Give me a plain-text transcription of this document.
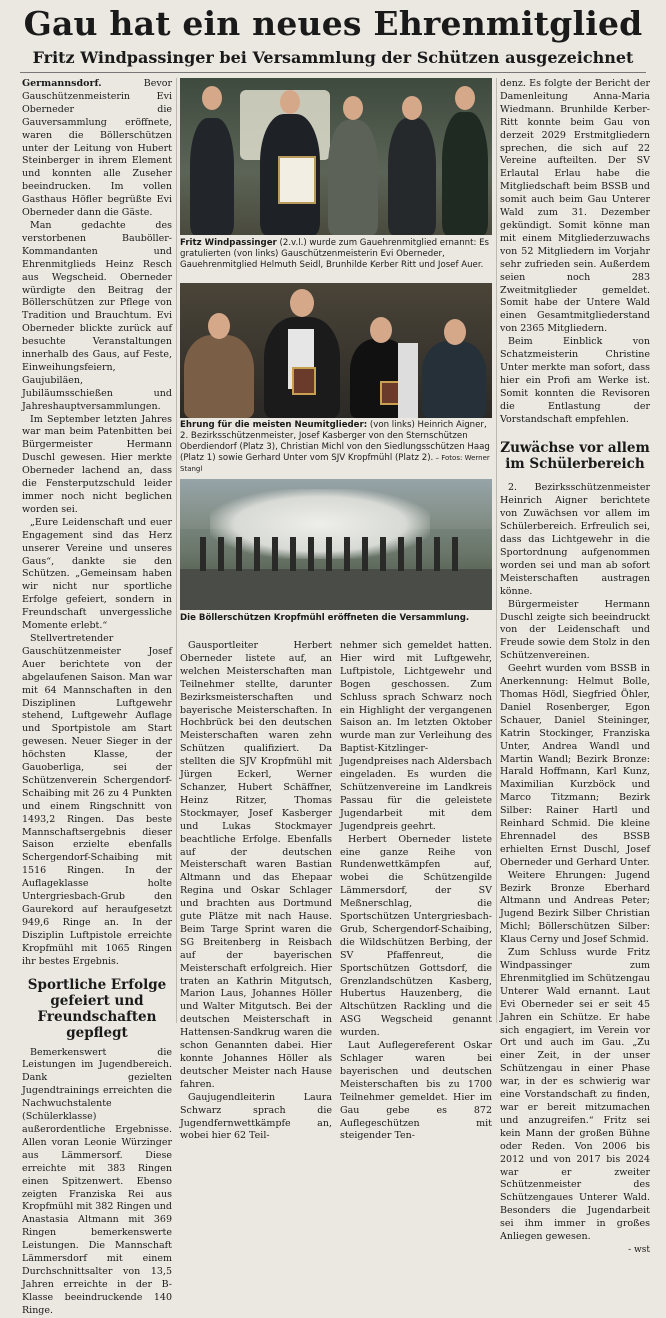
Gau hat ein neues Ehrenmitglied
Fritz Windpassinger bei Versammlung der Schützen ausgezeichnet

Germannsdorf. Bevor Gauschützenmeisterin Evi Oberneder die Gauversammlung eröffnete, waren die Böllerschützen unter der Leitung von Hubert Steinberger in ihrem Element und konnten alle Zuseher beeindrucken. Im vollen Gasthaus Höfler begrüßte Evi Oberneder dann die Gäste.

Man gedachte des verstorbenen Bauböller-Kommandanten und Ehrenmitglieds Heinz Resch aus Wegscheid. Oberneder würdigte den Beitrag der Böllerschützen zur Pflege von Tradition und Brauchtum. Evi Oberneder blickte zurück auf besuchte Veranstaltungen innerhalb des Gaus, auf Feste, Einweihungsfeiern, Gaujubiläen, Jubiläumsschießen und Jahreshauptversammlungen.

Im September letzten Jahres war man beim Patenbitten bei Bürgermeister Hermann Duschl gewesen. Hier merkte Oberneder lachend an, dass die Fensterputzschuld leider immer noch nicht beglichen worden sei.

„Eure Leidenschaft und euer Engagement sind das Herz unserer Vereine und unseres Gaus“, dankte sie den Schützen. „Gemeinsam haben wir nicht nur sportliche Erfolge gefeiert, sondern in Freundschaft unvergessliche Momente erlebt.“

Stellvertretender Gauschützenmeister Josef Auer berichtete von der abgelaufenen Saison. Man war mit 64 Mannschaften in den Disziplinen Luftgewehr stehend, Luftgewehr Auflage und Sportpistole am Start gewesen. Neuer Sieger in der höchsten Klasse, der Gauoberliga, sei der Schützenverein Schergendorf-Schaibing mit 26 zu 4 Punkten und einem Ringschnitt von 1493,2 Ringen. Das beste Mannschaftsergebnis dieser Saison erzielte ebenfalls Schergendorf-Schaibing mit 1516 Ringen. In der Auflageklasse holte Untergriesbach-Grub den Gaurekord auf heraufgesetzt 949,6 Ringe an. In der Disziplin Luftpistole erreichte Kropfmühl mit 1065 Ringen ihr bestes Ergebnis.

Sportliche Erfolge gefeiert und Freundschaften gepflegt

Bemerkenswert die Leistungen im Jugendbereich. Dank gezielten Jugendtrainings erreichten die Nachwuchstalente (Schülerklasse) außerordentliche Ergebnisse. Allen voran Leonie Würzinger aus Lämmersorf. Diese erreichte mit 383 Ringen einen Spitzenwert. Ebenso zeigten Franziska Rei aus Kropfmühl mit 382 Ringen und Anastasia Altmann mit 369 Ringen bemerkenswerte Leistungen. Die Mannschaft Lämmersdorf mit einem Durchschnittsalter von 13,5 Jahren erreichte in der B-Klasse beeindruckende 140 Ringe.

Fritz Windpassinger (2.v.l.) wurde zum Gauehrenmitglied ernannt: Es gratulierten (von links) Gauschützenmeisterin Evi Oberneder, Gauehrenmitglied Helmuth Seidl, Brunhilde Kerber Ritt und Josef Auer.
Ehrung für die meisten Neumitglieder: (von links) Heinrich Aigner, 2. Bezirksschützenmeister, Josef Kasberger von den Sternschützen Oberdiendorf (Platz 3), Christian Michl von den Siedlungsschützen Haag (Platz 1) sowie Gerhard Unter vom SJV Kropfmühl (Platz 2). – Fotos: Werner Stangl
Die Böllerschützen Kropfmühl eröffneten die Versammlung.

Gausportleiter Herbert Oberneder listete auf, an welchen Meisterschaften man Teilnehmer stellte, darunter Bezirksmeisterschaften und bayerische Meisterschaften. In Hochbrück bei den deutschen Meisterschaften waren zehn Schützen qualifiziert. Da stellten die SJV Kropfmühl mit Jürgen Eckerl, Werner Schanzer, Hubert Schäffner, Heinz Ritzer, Thomas Stockmayer, Josef Kasberger und Lukas Stockmayer beachtliche Erfolge. Ebenfalls auf der deutschen Meisterschaft waren Bastian Altmann und das Ehepaar Regina und Oskar Schlager und brachten aus Dortmund gute Plätze mit nach Hause. Beim Targe Sprint waren die SG Breitenberg in Reisbach auf der bayerischen Meisterschaft erfolgreich. Hier traten an Kathrin Mitgutsch, Marion Laus, Johannes Höller und Walter Mitgutsch. Bei der deutschen Meisterschaft in Hattensen-Sandkrug waren die schon Genannten dabei. Hier konnte Johannes Höller als deutscher Meister nach Hause fahren.

Gaujugendleiterin Laura Schwarz sprach die Jugendfernwettkämpfe an, wobei hier 62 Teil-

nehmer sich gemeldet hatten. Hier wird mit Luftgewehr, Luftpistole, Lichtgewehr und Bogen geschossen. Zum Schluss sprach Schwarz noch ein Highlight der vergangenen Saison an. Im letzten Oktober wurde man zur Verleihung des Baptist-Kitzlinger-Jugendpreises nach Aldersbach eingeladen. Es wurden die Schützenvereine im Landkreis Passau für die geleistete Jugendarbeit mit dem Jugendpreis geehrt.

Herbert Oberneder listete eine ganze Reihe von Rundenwettkämpfen auf, wobei die Schützengilde Lämmersdorf, der SV Meßnerschlag, die Sportschützen Untergriesbach-Grub, Schergendorf-Schaibing, die Wildschützen Berbing, der SV Pfaffenreut, die Sportschützen Gottsdorf, die Grenzlandschützen Kasberg, Hubertus Hauzenberg, die Altschützen Rackling und die ASG Wegscheid genannt wurden.

Laut Auflegereferent Oskar Schlager waren bei bayerischen und deutschen Meisterschaften bis zu 1700 Teilnehmer gemeldet. Hier im Gau gebe es 872 Auflegeschützen mit steigender Ten-

denz. Es folgte der Bericht der Damenleitung Anna-Maria Wiedmann. Brunhilde Kerber-Ritt konnte beim Gau von derzeit 2029 Erstmitgliedern sprechen, die sich auf 22 Vereine aufteilten. Der SV Erlautal Erlau habe die Mitgliedschaft beim BSSB und somit auch beim Gau Unterer Wald zum 31. Dezember gekündigt. Somit könne man mit einem Mitgliederzuwachs von 52 Mitgliedern im Vorjahr sehr zufrieden sein. Außerdem seien noch 283 Zweitmitglieder gemeldet. Somit habe der Untere Wald einen Gesamtmitgliederstand von 2365 Mitgliedern.

Beim Einblick von Schatzmeisterin Christine Unter merkte man sofort, dass hier ein Profi am Werke ist. Somit konnten die Revisoren die Entlastung der Vorstandschaft empfehlen.

Zuwächse vor allem im Schülerbereich

2. Bezirksschützenmeister Heinrich Aigner berichtete von Zuwächsen vor allem im Schülerbereich. Erfreulich sei, dass das Lichtgewehr in die Sportordnung aufgenommen worden sei und man ab sofort Meisterschaften austragen könne.

Bürgermeister Hermann Duschl zeigte sich beeindruckt von der Leidenschaft und Freude sowie dem Stolz in den Schützenvereinen.

Geehrt wurden vom BSSB in Anerkennung: Helmut Bolle, Thomas Hödl, Siegfried Öhler, Daniel Rosenberger, Egon Schauer, Daniel Steininger, Katrin Stockinger, Franziska Unter, Andrea Wandl und Martin Wandl; Bezirk Bronze: Harald Hoffmann, Karl Kunz, Maximilian Kurzböck und Marco Titzmann; Bezirk Silber: Rainer Hartl und Reinhard Schmid. Die kleine Ehrennadel des BSSB erhielten Ernst Duschl, Josef Oberneder und Gerhard Unter.

Weitere Ehrungen: Jugend Bezirk Bronze Eberhard Altmann und Andreas Peter; Jugend Bezirk Silber Christian Michl; Böllerschützen Silber: Klaus Cerny und Josef Schmid.

Zum Schluss wurde Fritz Windpassinger zum Ehrenmitglied im Schützengau Unterer Wald ernannt. Laut Evi Oberneder sei er seit 45 Jahren ein Schütze. Er habe sich engagiert, im Verein vor Ort und auch im Gau. „Zu einer Zeit, in der unser Schützengau in einer Phase war, in der es schwierig war eine Vorstandschaft zu finden, war er bereit mitzumachen und anzugreifen.“ Fritz sei kein Mann der großen Bühne oder Reden. Von 2006 bis 2012 und von 2017 bis 2024 war er zweiter Schützenmeister des Schützengaues Unterer Wald. Besonders die Jugendarbeit sei ihm immer in großes Anliegen gewesen.

- wst
